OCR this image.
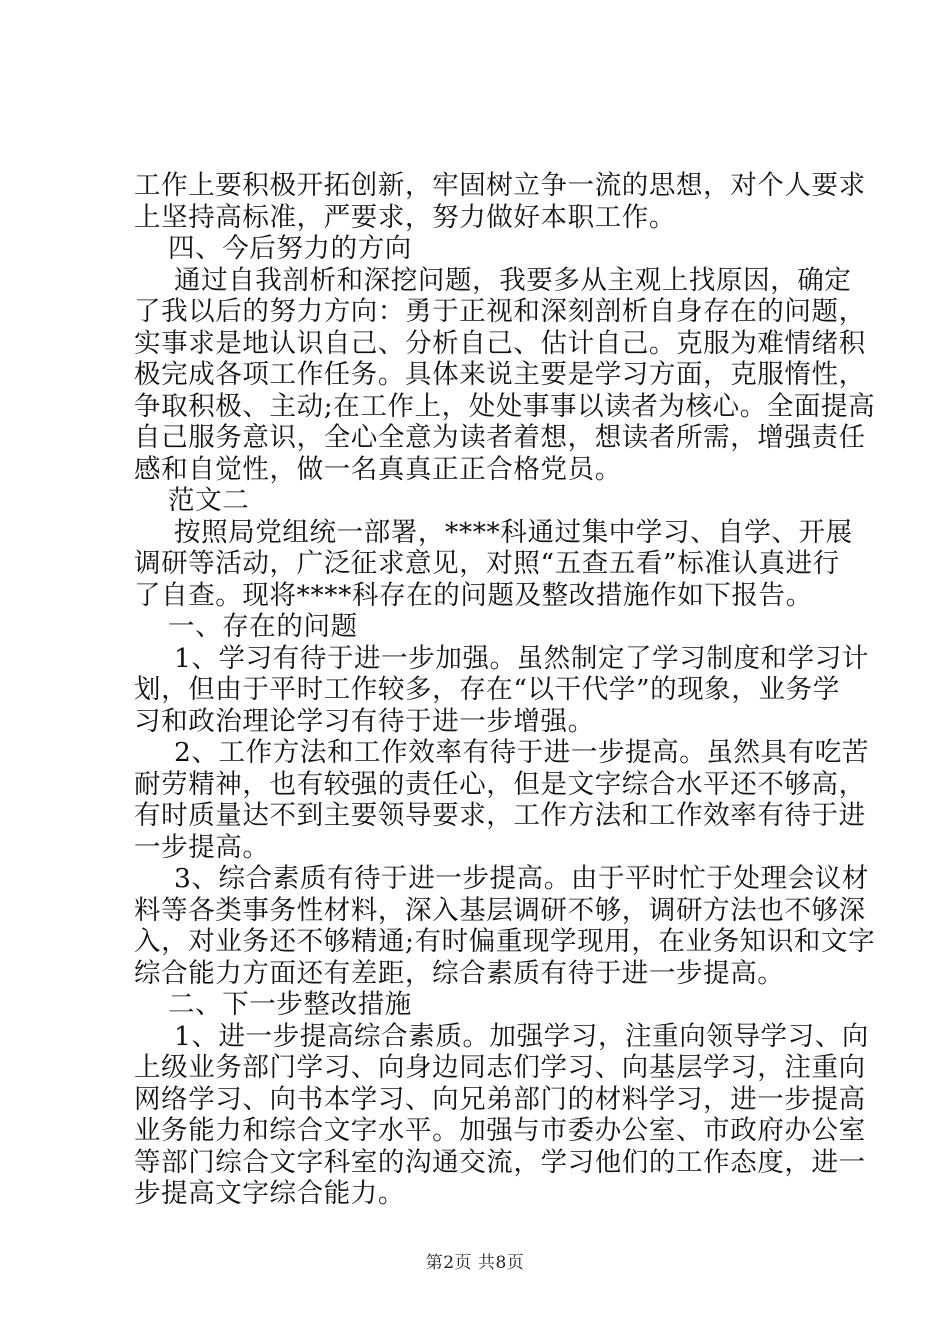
工作上要积极开拓创新，牢固树立争一流的思想，对个人要求
上坚持高标准，严要求，努力做好本职工作。
四、今后努力的方向
通过自我剖析和深挖问题，我要多从主观上找原因，确定
了我以后的努力方向：勇于正视和深刻剖析自身存在的问题，
实事求是地认识自己、分析自己、估计自己。克服为难情绪积
极完成各项工作任务。具体来说主要是学习方面，克服惰性，
争取积极、主动;在工作上，处处事事以读者为核心。全面提高
自己服务意识，全心全意为读者着想，想读者所需，增强责任
感和自觉性，做一名真真正正合格党员。
范文二
按照局党组统一部署，****科通过集中学习、自学、开展
调研等活动，广泛征求意见，对照“五查五看”标准认真进行
了自查。现将****科存在的问题及整改措施作如下报告。
一、存在的问题
1、学习有待于进一步加强。虽然制定了学习制度和学习计
划，但由于平时工作较多，存在“以干代学”的现象，业务学
习和政治理论学习有待于进一步增强。
2、工作方法和工作效率有待于进一步提高。虽然具有吃苦
耐劳精神，也有较强的责任心，但是文字综合水平还不够高，
有时质量达不到主要领导要求，工作方法和工作效率有待于进
一步提高。
3、综合素质有待于进一步提高。由于平时忙于处理会议材
料等各类事务性材料，深入基层调研不够，调研方法也不够深
入，对业务还不够精通;有时偏重现学现用，在业务知识和文字
综合能力方面还有差距，综合素质有待于进一步提高。
二、下一步整改措施
1、进一步提高综合素质。加强学习，注重向领导学习、向
上级业务部门学习、向身边同志们学习、向基层学习，注重向
网络学习、向书本学习、向兄弟部门的材料学习，进一步提高
业务能力和综合文字水平。加强与市委办公室、市政府办公室
等部门综合文字科室的沟通交流，学习他们的工作态度，进一
步提高文字综合能力。
第2页 共8页
